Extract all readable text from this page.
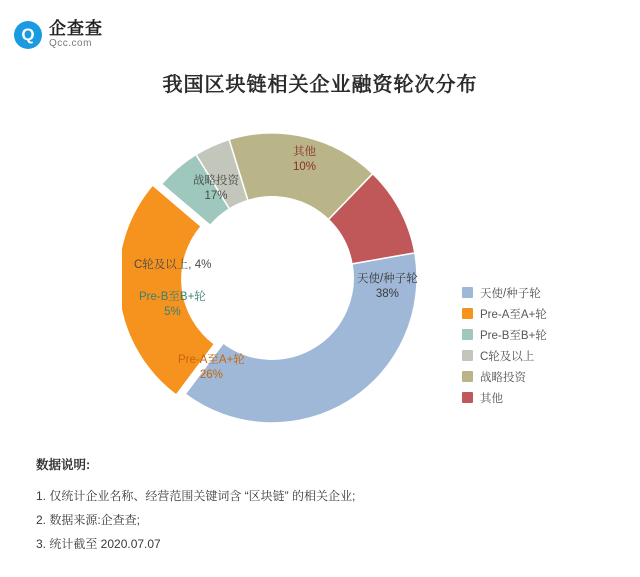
Q 企查查
Qcc.com
我国区块链相关企业融资轮次分布
天使/种子轮
38%
Pre-A至A+轮
26%
Pre-B至B+轮
5%
C轮及以上, 4%
战略投资
17%
其他
10%
天使/种子轮
Pre-A至A+轮
Pre-B至B+轮
C轮及以上
战略投资
其他
数据说明:
1. 仅统计企业名称、经营范围关键词含 “区块链” 的相关企业;
2. 数据来源:企查查;
3. 统计截至 2020.07.07
